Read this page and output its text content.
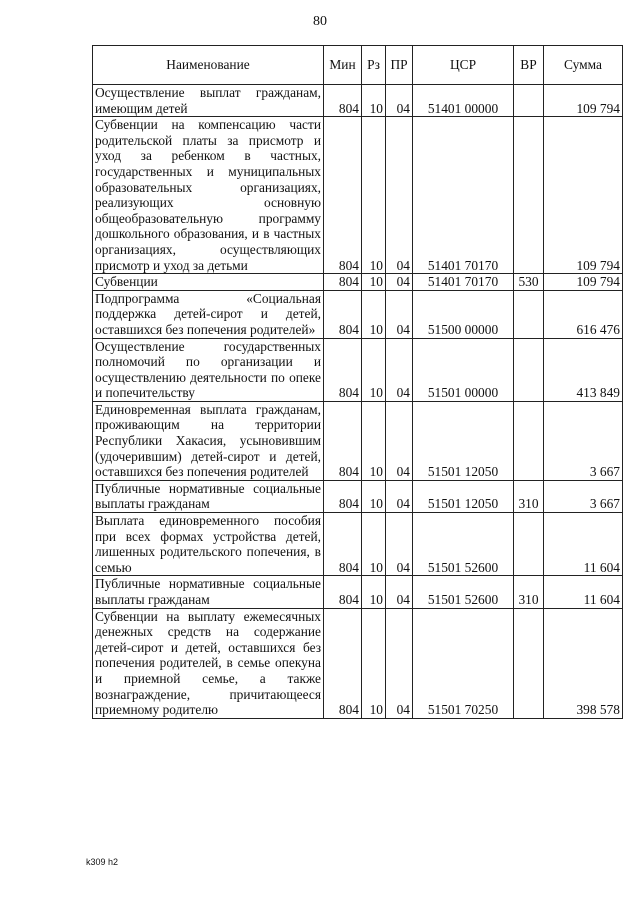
80
Наименование	Мин	Рз	ПР	ЦСР	ВР	Сумма
Осуществление выплат гражданам, имеющим детей	804	10	04	51401 00000		109 794
Субвенции на компенсацию части родительской платы за присмотр и уход за ребенком в частных, государственных и муниципальных образовательных организациях, реализующих основную общеобразовательную программу дошкольного образования, и в частных организациях, осуществляющих присмотр и уход за детьми	804	10	04	51401 70170		109 794
Субвенции	804	10	04	51401 70170	530	109 794
Подпрограмма «Социальная поддержка детей-сирот и детей, оставшихся без попечения родителей»	804	10	04	51500 00000		616 476
Осуществление государственных полномочий по организации и осуществлению деятельности по опеке и попечительству	804	10	04	51501 00000		413 849
Единовременная выплата гражданам, проживающим на территории Республики Хакасия, усыновившим (удочерившим) детей-сирот и детей, оставшихся без попечения родителей	804	10	04	51501 12050		3 667
Публичные нормативные социальные выплаты гражданам	804	10	04	51501 12050	310	3 667
Выплата единовременного пособия при всех формах устройства детей, лишенных родительского попечения, в семью	804	10	04	51501 52600		11 604
Публичные нормативные социальные выплаты гражданам	804	10	04	51501 52600	310	11 604
Субвенции на выплату ежемесячных денежных средств на содержание детей-сирот и детей, оставшихся без попечения родителей, в семье опекуна и приемной семье, а также вознаграждение, причитающееся приемному родителю	804	10	04	51501 70250		398 578
k309 h2
